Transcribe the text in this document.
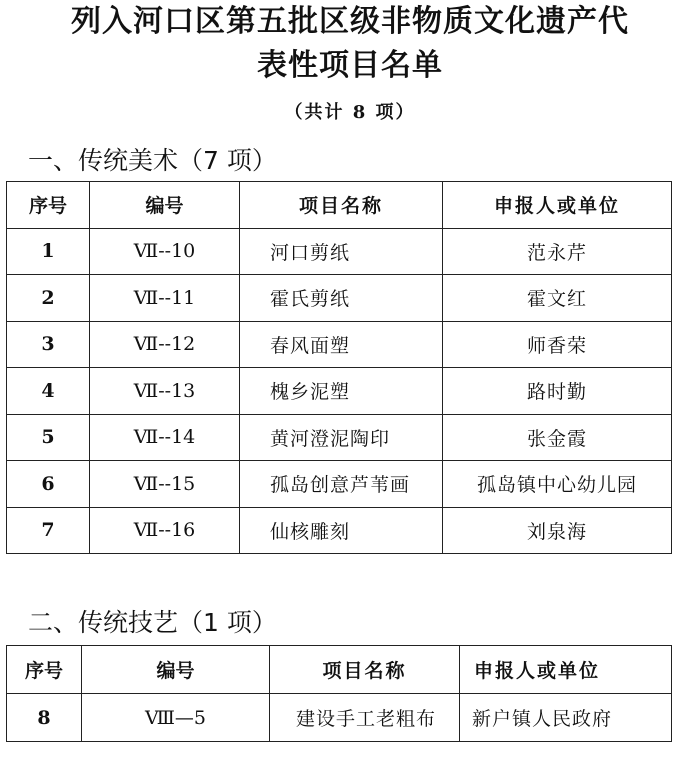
列入河口区第五批区级非物质文化遗产代
表性项目名单
（共计 8 项）
一、传统美术（7 项）
序号	编号	项目名称	申报人或单位
1	Ⅶ--10	河口剪纸	范永芹
2	Ⅶ--11	霍氏剪纸	霍文红
3	Ⅶ--12	春风面塑	师香荣
4	Ⅶ--13	槐乡泥塑	路时勤
5	Ⅶ--14	黄河澄泥陶印	张金霞
6	Ⅶ--15	孤岛创意芦苇画	孤岛镇中心幼儿园
7	Ⅶ--16	仙核雕刻	刘泉海
二、传统技艺（1 项）
序号	编号	项目名称	申报人或单位
8	Ⅷ—5	建设手工老粗布	新户镇人民政府
